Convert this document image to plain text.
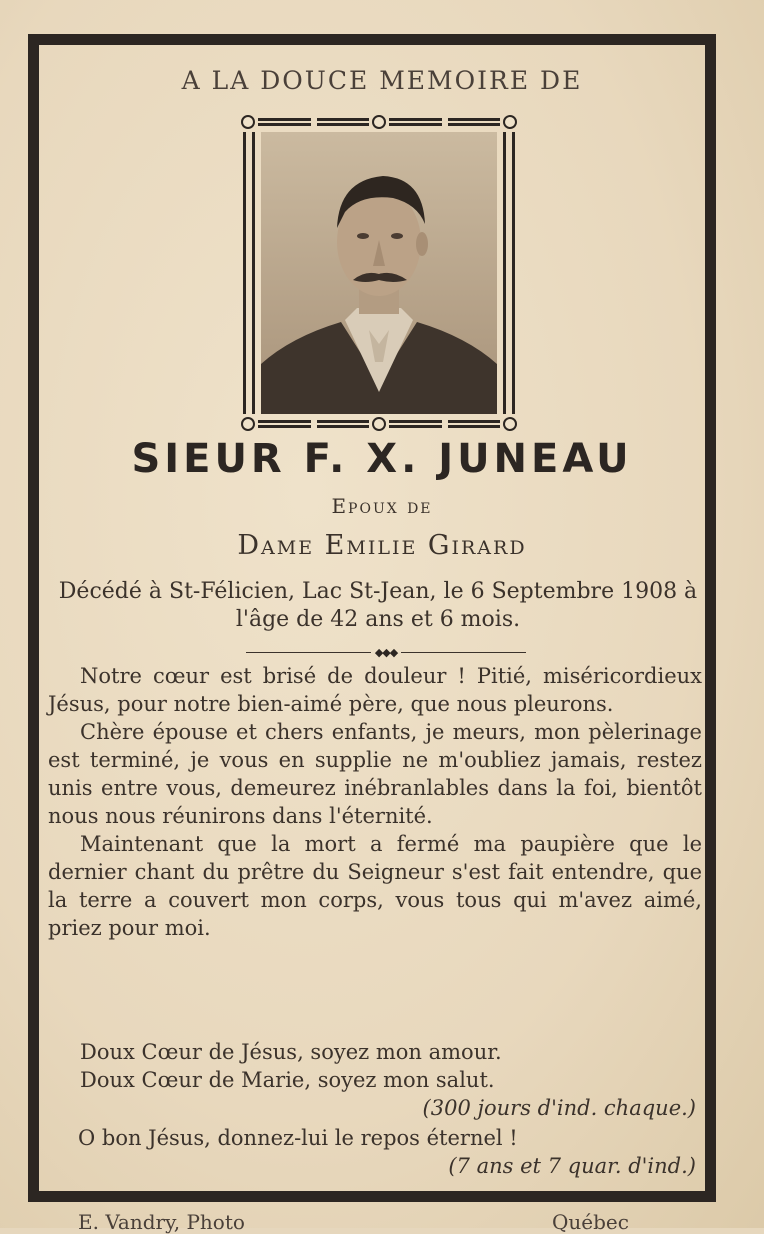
A LA DOUCE MEMOIRE DE
SIEUR F. X. JUNEAU
Epoux de
Dame Emilie Girard
Décédé à St-Félicien, Lac St-Jean, le 6 Septembre 1908 à l'âge de 42 ans et 6 mois.
◆◆◆

Notre cœur est brisé de douleur ! Pitié, miséricordieux Jésus, pour notre bien-aimé père, que nous pleurons.

Chère épouse et chers enfants, je meurs, mon pèlerinage est terminé, je vous en supplie ne m'oubliez jamais, restez unis entre vous, demeurez inébranlables dans la foi, bientôt nous nous réunirons dans l'éternité.

Maintenant que la mort a fermé ma paupière que le dernier chant du prêtre du Seigneur s'est fait entendre, que la terre a couvert mon corps, vous tous qui m'avez aimé, priez pour moi.

Doux Cœur de Jésus, soyez mon amour.
Doux Cœur de Marie, soyez mon salut.
(300 jours d'ind. chaque.)
O bon Jésus, donnez-lui le repos éternel !
(7 ans et 7 quar. d'ind.)
E. Vandry, Photo	Québec
